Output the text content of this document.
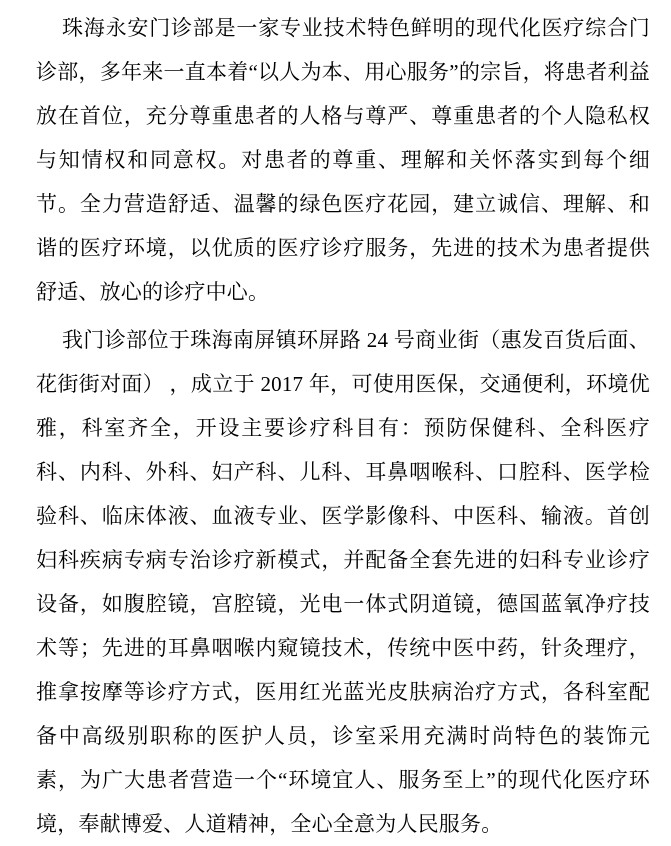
珠海永安门诊部是一家专业技术特色鲜明的现代化医疗综合门诊部，多年来一直本着“以人为本、用心服务”的宗旨，将患者利益放在首位，充分尊重患者的人格与尊严、尊重患者的个人隐私权与知情权和同意权。对患者的尊重、理解和关怀落实到每个细节。全力营造舒适、温馨的绿色医疗花园，建立诚信、理解、和谐的医疗环境，以优质的医疗诊疗服务，先进的技术为患者提供舒适、放心的诊疗中心。

我门诊部位于珠海南屏镇环屏路 24 号商业街（惠发百货后面、花街街对面） ，成立于 2017 年，可使用医保，交通便利，环境优雅，科室齐全，开设主要诊疗科目有：预防保健科、全科医疗科、内科、外科、妇产科、儿科、耳鼻咽喉科、口腔科、医学检验科、临床体液、血液专业、医学影像科、中医科、输液。首创妇科疾病专病专治诊疗新模式，并配备全套先进的妇科专业诊疗设备，如腹腔镜，宫腔镜，光电一体式阴道镜，德国蓝氧净疗技术等；先进的耳鼻咽喉内窥镜技术，传统中医中药，针灸理疗，推拿按摩等诊疗方式，医用红光蓝光皮肤病治疗方式，各科室配备中高级别职称的医护人员，诊室采用充满时尚特色的装饰元素，为广大患者营造一个“环境宜人、服务至上”的现代化医疗环境，奉献博爱、人道精神，全心全意为人民服务。
